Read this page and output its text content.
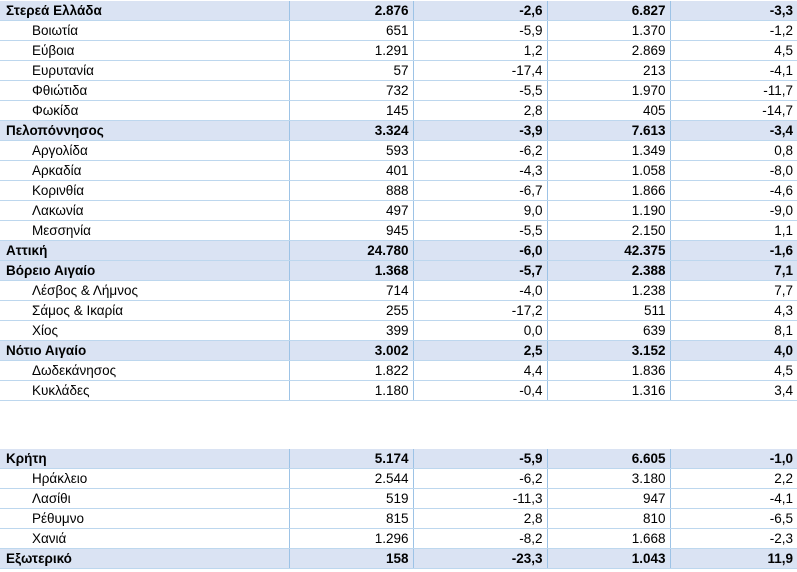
Στερεά Ελλάδα	2.876	-2,6	6.827	-3,3
Βοιωτία	651	-5,9	1.370	-1,2
Εύβοια	1.291	1,2	2.869	4,5
Ευρυτανία	57	-17,4	213	-4,1
Φθιώτιδα	732	-5,5	1.970	-11,7
Φωκίδα	145	2,8	405	-14,7
Πελοπόννησος	3.324	-3,9	7.613	-3,4
Αργολίδα	593	-6,2	1.349	0,8
Αρκαδία	401	-4,3	1.058	-8,0
Κορινθία	888	-6,7	1.866	-4,6
Λακωνία	497	9,0	1.190	-9,0
Μεσσηνία	945	-5,5	2.150	1,1
Αττική	24.780	-6,0	42.375	-1,6
Βόρειο Αιγαίο	1.368	-5,7	2.388	7,1
Λέσβος & Λήμνος	714	-4,0	1.238	7,7
Σάμος & Ικαρία	255	-17,2	511	4,3
Χίος	399	0,0	639	8,1
Νότιο Αιγαίο	3.002	2,5	3.152	4,0
Δωδεκάνησος	1.822	4,4	1.836	4,5
Κυκλάδες	1.180	-0,4	1.316	3,4
Κρήτη	5.174	-5,9	6.605	-1,0
Ηράκλειο	2.544	-6,2	3.180	2,2
Λασίθι	519	-11,3	947	-4,1
Ρέθυμνο	815	2,8	810	-6,5
Χανιά	1.296	-8,2	1.668	-2,3
Εξωτερικό	158	-23,3	1.043	11,9
